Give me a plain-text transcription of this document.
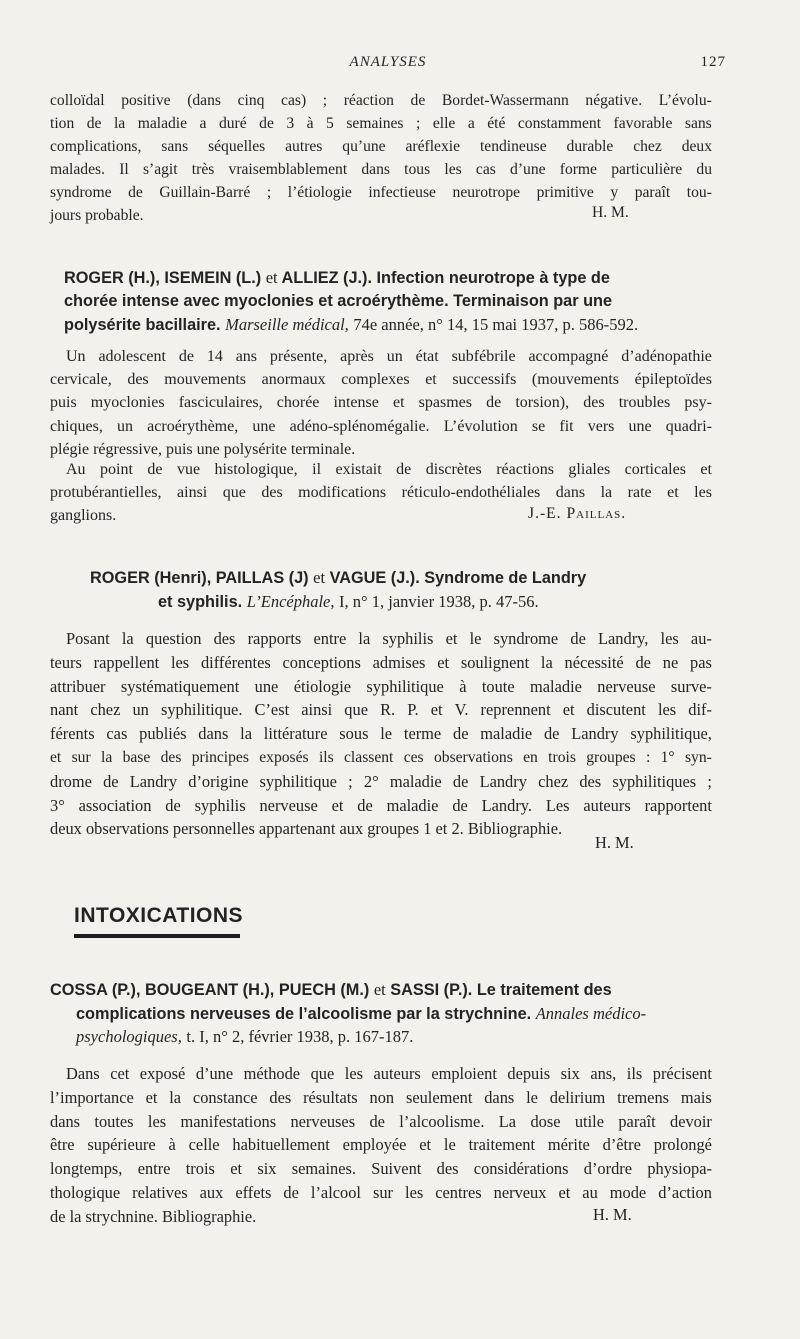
ANALYSES	127
colloïdal positive (dans cinq cas) ; réaction de Bordet-Wassermann négative. L’évolu-
tion de la maladie a duré de 3 à 5 semaines ; elle a été constamment favorable sans
complications, sans séquelles autres qu’une aréflexie tendineuse durable chez deux
malades. Il s’agit très vraisemblablement dans tous les cas d’une forme particulière du
syndrome de Guillain-Barré ; l’étiologie infectieuse neurotrope primitive y paraît tou-
jours probable.	H. M.
ROGER (H.), ISEMEIN (L.) et ALLIEZ (J.). Infection neurotrope à type de
chorée intense avec myoclonies et acroérythème. Terminaison par une
polysérite bacillaire. Marseille médical, 74e année, n° 14, 15 mai 1937, p. 586-592.
Un adolescent de 14 ans présente, après un état subfébrile accompagné d’adénopathie
cervicale, des mouvements anormaux complexes et successifs (mouvements épileptoïdes
puis myoclonies fasciculaires, chorée intense et spasmes de torsion), des troubles psy-
chiques, un acroérythème, une adéno-splénomégalie. L’évolution se fit vers une quadri-
plégie régressive, puis une polysérite terminale.
Au point de vue histologique, il existait de discrètes réactions gliales corticales et
protubérantielles, ainsi que des modifications réticulo-endothéliales dans la rate et les
ganglions.	J.-E. Paillas.
ROGER (Henri), PAILLAS (J) et VAGUE (J.). Syndrome de Landry
et syphilis. L’Encéphale, I, n° 1, janvier 1938, p. 47-56.
Posant la question des rapports entre la syphilis et le syndrome de Landry, les au-
teurs rappellent les différentes conceptions admises et soulignent la nécessité de ne pas
attribuer systématiquement une étiologie syphilitique à toute maladie nerveuse surve-
nant chez un syphilitique. C’est ainsi que R. P. et V. reprennent et discutent les dif-
férents cas publiés dans la littérature sous le terme de maladie de Landry syphilitique,
et sur la base des principes exposés ils classent ces observations en trois groupes : 1° syn-
drome de Landry d’origine syphilitique ; 2° maladie de Landry chez des syphilitiques ;
3° association de syphilis nerveuse et de maladie de Landry. Les auteurs rapportent
deux observations personnelles appartenant aux groupes 1 et 2. Bibliographie.
H. M.
INTOXICATIONS
COSSA (P.), BOUGEANT (H.), PUECH (M.) et SASSI (P.). Le traitement des
complications nerveuses de l’alcoolisme par la strychnine. Annales médico-
psychologiques, t. I, n° 2, février 1938, p. 167-187.
Dans cet exposé d’une méthode que les auteurs emploient depuis six ans, ils précisent
l’importance et la constance des résultats non seulement dans le delirium tremens mais
dans toutes les manifestations nerveuses de l’alcoolisme. La dose utile paraît devoir
être supérieure à celle habituellement employée et le traitement mérite d’être prolongé
longtemps, entre trois et six semaines. Suivent des considérations d’ordre physiopa-
thologique relatives aux effets de l’alcool sur les centres nerveux et au mode d’action
de la strychnine. Bibliographie.	H. M.
